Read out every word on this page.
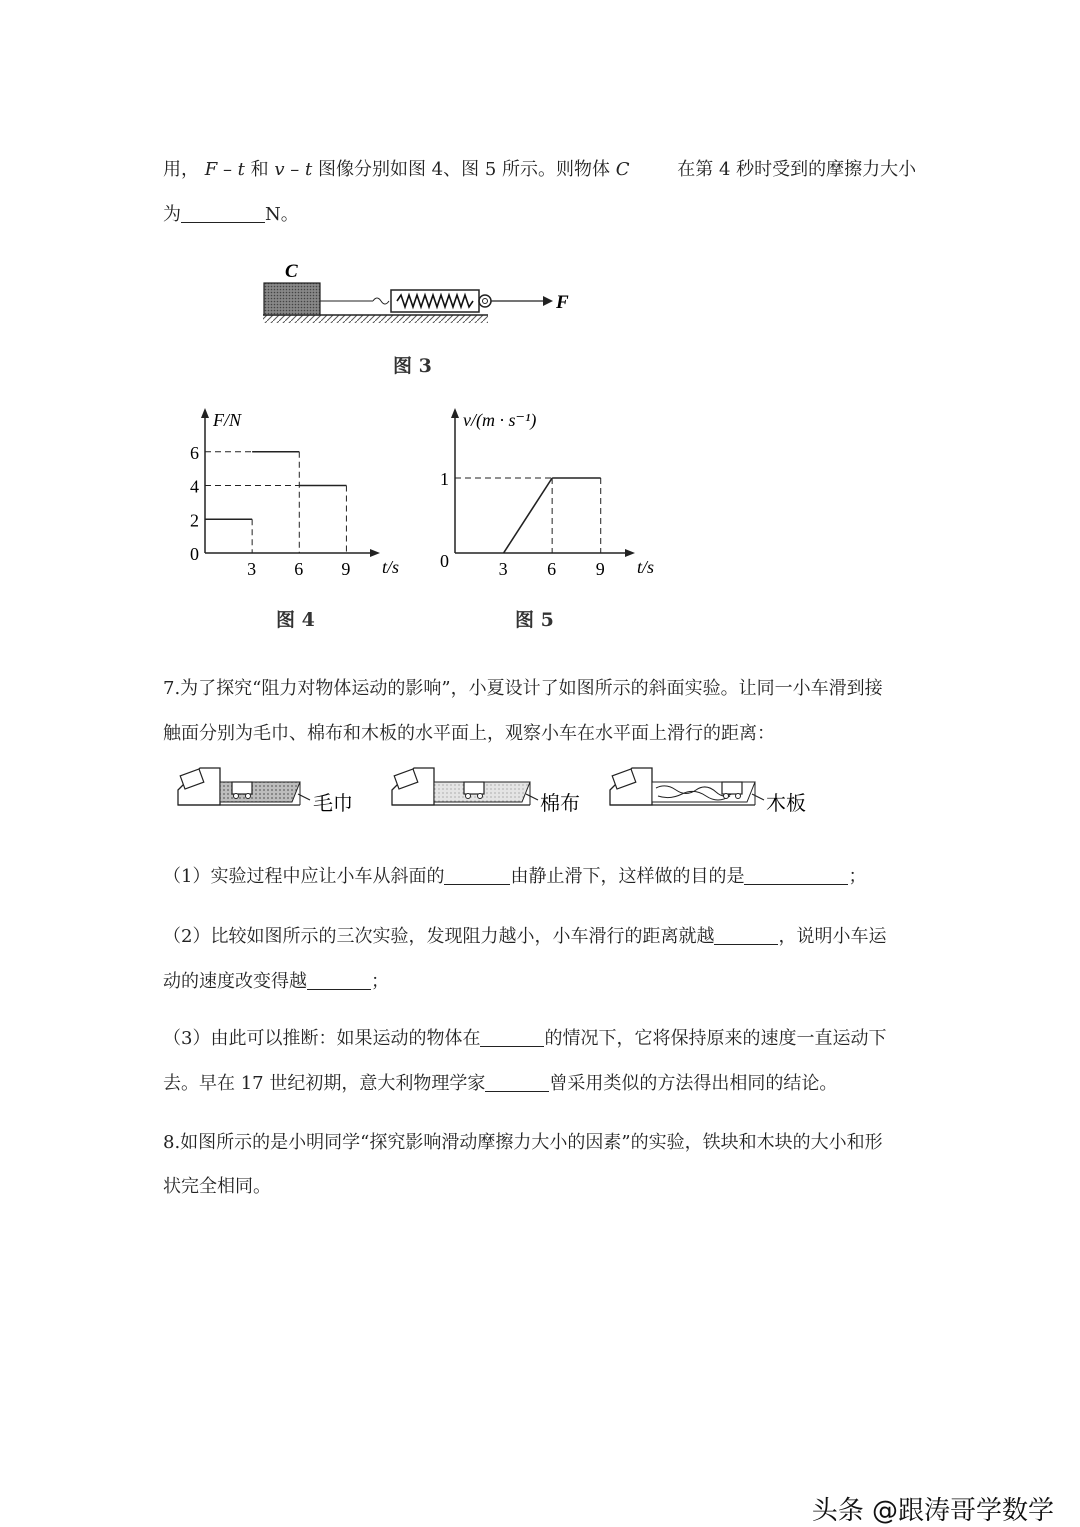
用， F – t 和 v – t 图像分别如图 4、图 5 所示。则物体 C	在第 4 秒时受到的摩擦力大小
为	N。
C
F
图 3
t/s
F/N
3 6 9
0
2
4
6
图 4
t/s
v/(m · s⁻¹)
3 6 9
1
0
图 5
7.为了探究“阻力对物体运动的影响”，小夏设计了如图所示的斜面实验。让同一小车滑到接
触面分别为毛巾、棉布和木板的水平面上，观察小车在水平面上滑行的距离：
毛巾	棉布	木板
（1）实验过程中应让小车从斜面的	由静止滑下，这样做的目的是	；
（2）比较如图所示的三次实验，发现阻力越小，小车滑行的距离就越	，说明小车运
动的速度改变得越	；
（3）由此可以推断：如果运动的物体在	的情况下，它将保持原来的速度一直运动下
去。早在 17 世纪初期，意大利物理学家	曾采用类似的方法得出相同的结论。
8.如图所示的是小明同学“探究影响滑动摩擦力大小的因素”的实验，铁块和木块的大小和形
状完全相同。
头条 @跟涛哥学数学
